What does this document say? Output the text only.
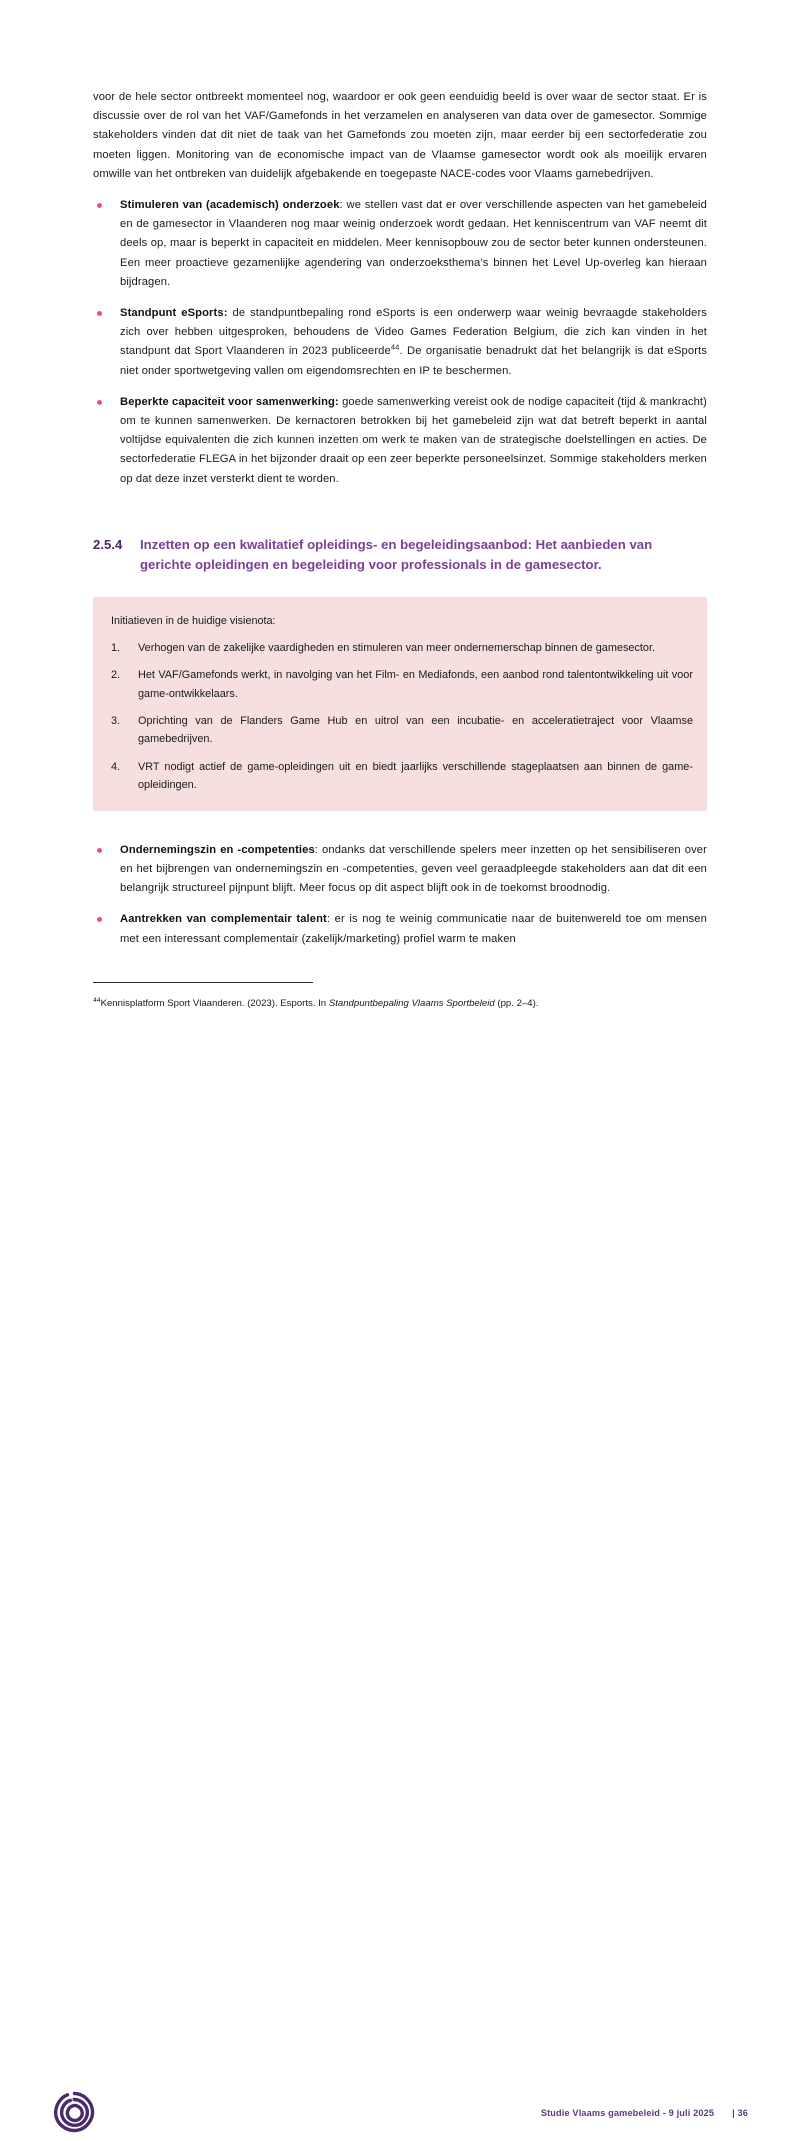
voor de hele sector ontbreekt momenteel nog, waardoor er ook geen eenduidig beeld is over waar de sector staat. Er is discussie over de rol van het VAF/Gamefonds in het verzamelen en analyseren van data over de gamesector. Sommige stakeholders vinden dat dit niet de taak van het Gamefonds zou moeten zijn, maar eerder bij een sectorfederatie zou moeten liggen. Monitoring van de economische impact van de Vlaamse gamesector wordt ook als moeilijk ervaren omwille van het ontbreken van duidelijk afgebakende en toegepaste NACE-codes voor Vlaams gamebedrijven.

Stimuleren van (academisch) onderzoek: we stellen vast dat er over verschillende aspecten van het gamebeleid en de gamesector in Vlaanderen nog maar weinig onderzoek wordt gedaan. Het kenniscentrum van VAF neemt dit deels op, maar is beperkt in capaciteit en middelen. Meer kennisopbouw zou de sector beter kunnen ondersteunen. Een meer proactieve gezamenlijke agendering van onderzoeksthema’s binnen het Level Up-overleg kan hieraan bijdragen.
Standpunt eSports: de standpuntbepaling rond eSports is een onderwerp waar weinig bevraagde stakeholders zich over hebben uitgesproken, behoudens de Video Games Federation Belgium, die zich kan vinden in het standpunt dat Sport Vlaanderen in 2023 publiceerde$^{44}$. De organisatie benadrukt dat het belangrijk is dat eSports niet onder sportwetgeving vallen om eigendomsrechten en IP te beschermen.
Beperkte capaciteit voor samenwerking: goede samenwerking vereist ook de nodige capaciteit (tijd & mankracht) om te kunnen samenwerken. De kernactoren betrokken bij het gamebeleid zijn wat dat betreft beperkt in aantal voltijdse equivalenten die zich kunnen inzetten om werk te maken van de strategische doelstellingen en acties. De sectorfederatie FLEGA in het bijzonder draait op een zeer beperkte personeelsinzet. Sommige stakeholders merken op dat deze inzet versterkt dient te worden.
2.5.4	Inzetten op een kwalitatief opleidings- en begeleidingsaanbod: Het aanbieden van gerichte opleidingen en begeleiding voor professionals in de gamesector.
Initiatieven in de huidige visienota:
Verhogen van de zakelijke vaardigheden en stimuleren van meer ondernemerschap binnen de gamesector.
Het VAF/Gamefonds werkt, in navolging van het Film- en Mediafonds, een aanbod rond talentontwikkeling uit voor game-ontwikkelaars.
Oprichting van de Flanders Game Hub en uitrol van een incubatie- en acceleratietraject voor Vlaamse gamebedrijven.
VRT nodigt actief de game-opleidingen uit en biedt jaarlijks verschillende stageplaatsen aan binnen de game-opleidingen.
Ondernemingszin en -competenties: ondanks dat verschillende spelers meer inzetten op het sensibiliseren over en het bijbrengen van ondernemingszin en -competenties, geven veel geraadpleegde stakeholders aan dat dit een belangrijk structureel pijnpunt blijft. Meer focus op dit aspect blijft ook in de toekomst broodnodig.
Aantrekken van complementair talent: er is nog te weinig communicatie naar de buitenwereld toe om mensen met een interessant complementair (zakelijk/marketing) profiel warm te maken
$^{44}$Kennisplatform Sport Vlaanderen. (2023). Esports. In Standpuntbepaling Vlaams Sportbeleid (pp. 2–4).
Studie Vlaams gamebeleid - 9 juli 2025 | 36
